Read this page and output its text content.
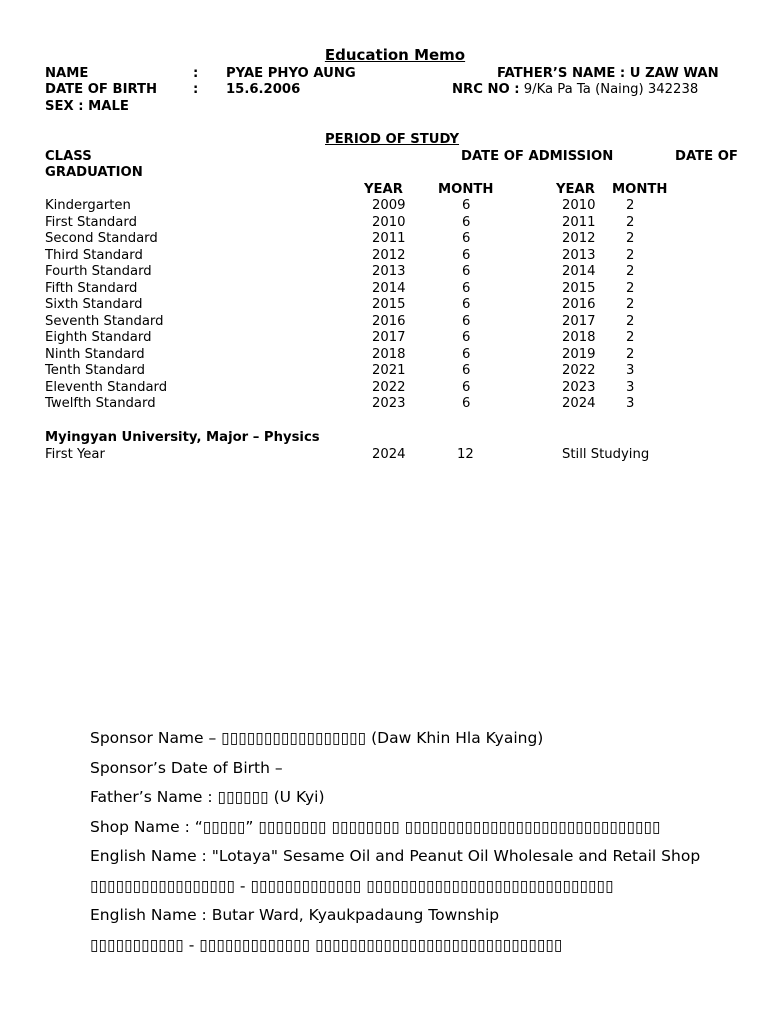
Education Memo
NAME	: PYAE PHYO AUNG	FATHER’S NAME : U ZAW WAN
DATE OF BIRTH	: 15.6.2006	NRC NO : 9/Ka Pa Ta (Naing) 342238
SEX : MALE
PERIOD OF STUDY
CLASS	DATE OF ADMISSION	DATE OF
GRADUATION
YEAR	MONTH	YEAR MONTH
Kindergarten	2009	6	2010 2
First Standard	2010	6	2011 2
Second Standard	2011	6	2012 2
Third Standard	2012	6	2013 2
Fourth Standard	2013	6	2014 2
Fifth Standard	2014	6	2015 2
Sixth Standard	2015	6	2016 2
Seventh Standard	2016	6	2017 2
Eighth Standard	2017	6	2018 2
Ninth Standard	2018	6	2019 2
Tenth Standard	2021	6	2022 3
Eleventh Standard	2022	6	2023 3
Twelfth Standard	2023	6	2024 3
Myingyan University, Major – Physics
First Year	2024	12	Still Studying
Sponsor Name – ▯▯▯▯▯▯▯▯▯▯▯▯▯▯▯▯▯ (Daw Khin Hla Kyaing)
Sponsor’s Date of Birth –
Father’s Name : ▯▯▯▯▯▯ (U Kyi)
Shop Name : “▯▯▯▯▯” ▯▯▯▯▯▯▯▯ ▯▯▯▯▯▯▯▯ ▯▯▯▯▯▯▯▯▯▯▯▯▯▯▯▯▯▯▯▯▯▯▯▯▯▯▯▯▯▯
English Name : "Lotaya" Sesame Oil and Peanut Oil Wholesale and Retail Shop
▯▯▯▯▯▯▯▯▯▯▯▯▯▯▯▯▯ - ▯▯▯▯▯▯▯▯▯▯▯▯▯ ▯▯▯▯▯▯▯▯▯▯▯▯▯▯▯▯▯▯▯▯▯▯▯▯▯▯▯▯▯
English Name : Butar Ward, Kyaukpadaung Township
▯▯▯▯▯▯▯▯▯▯▯ - ▯▯▯▯▯▯▯▯▯▯▯▯▯ ▯▯▯▯▯▯▯▯▯▯▯▯▯▯▯▯▯▯▯▯▯▯▯▯▯▯▯▯▯
